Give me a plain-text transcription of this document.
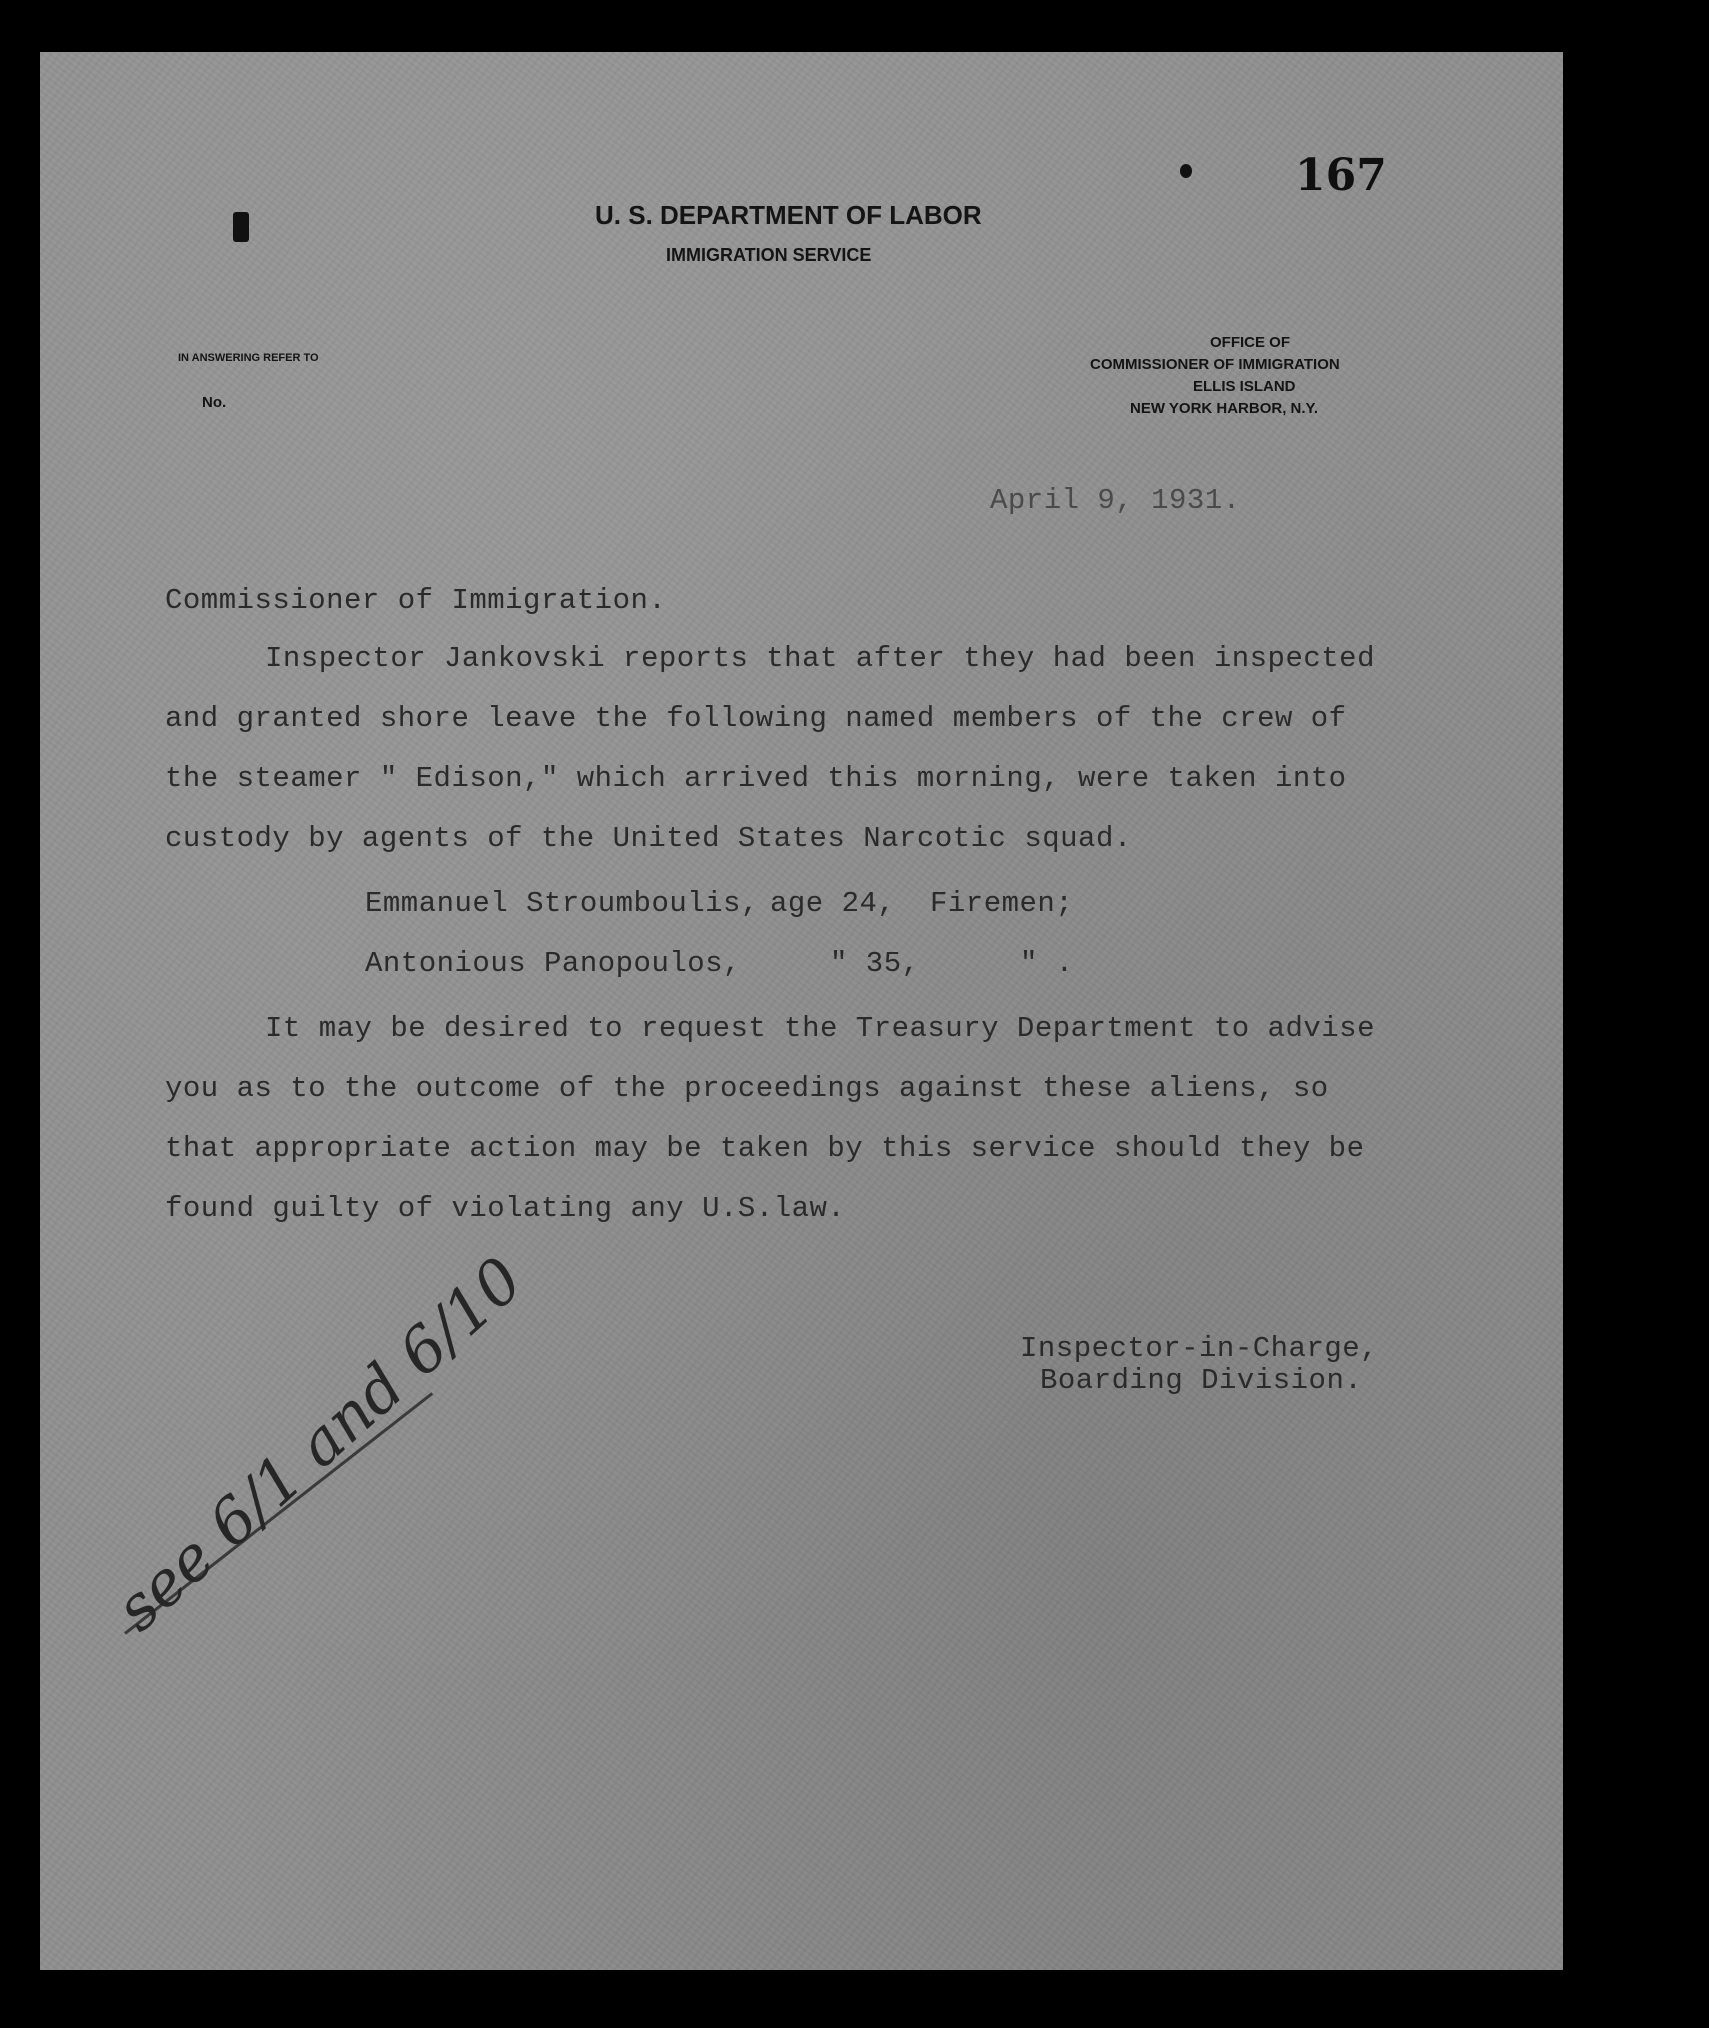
167
U. S. DEPARTMENT OF LABOR
IMMIGRATION SERVICE
IN ANSWERING REFER TO
No.
OFFICE OF
COMMISSIONER OF IMMIGRATION
ELLIS ISLAND
NEW YORK HARBOR, N.Y.
April 9, 1931.
Commissioner of Immigration.
Inspector Jankovski reports that after they had been inspected
and granted shore leave the following named members of the crew of
the steamer " Edison," which arrived this morning, were taken into
custody by agents of the United States Narcotic squad.
Emmanuel Stroumboulis, age 24, Firemen;
Antonious Panopoulos,	" 35,	" .
It may be desired to request the Treasury Department to advise
you as to the outcome of the proceedings against these aliens, so
that appropriate action may be taken by this service should they be
found guilty of violating any U.S.law.
Inspector-in-Charge,
Boarding Division.
see 6/1 and 6/10
